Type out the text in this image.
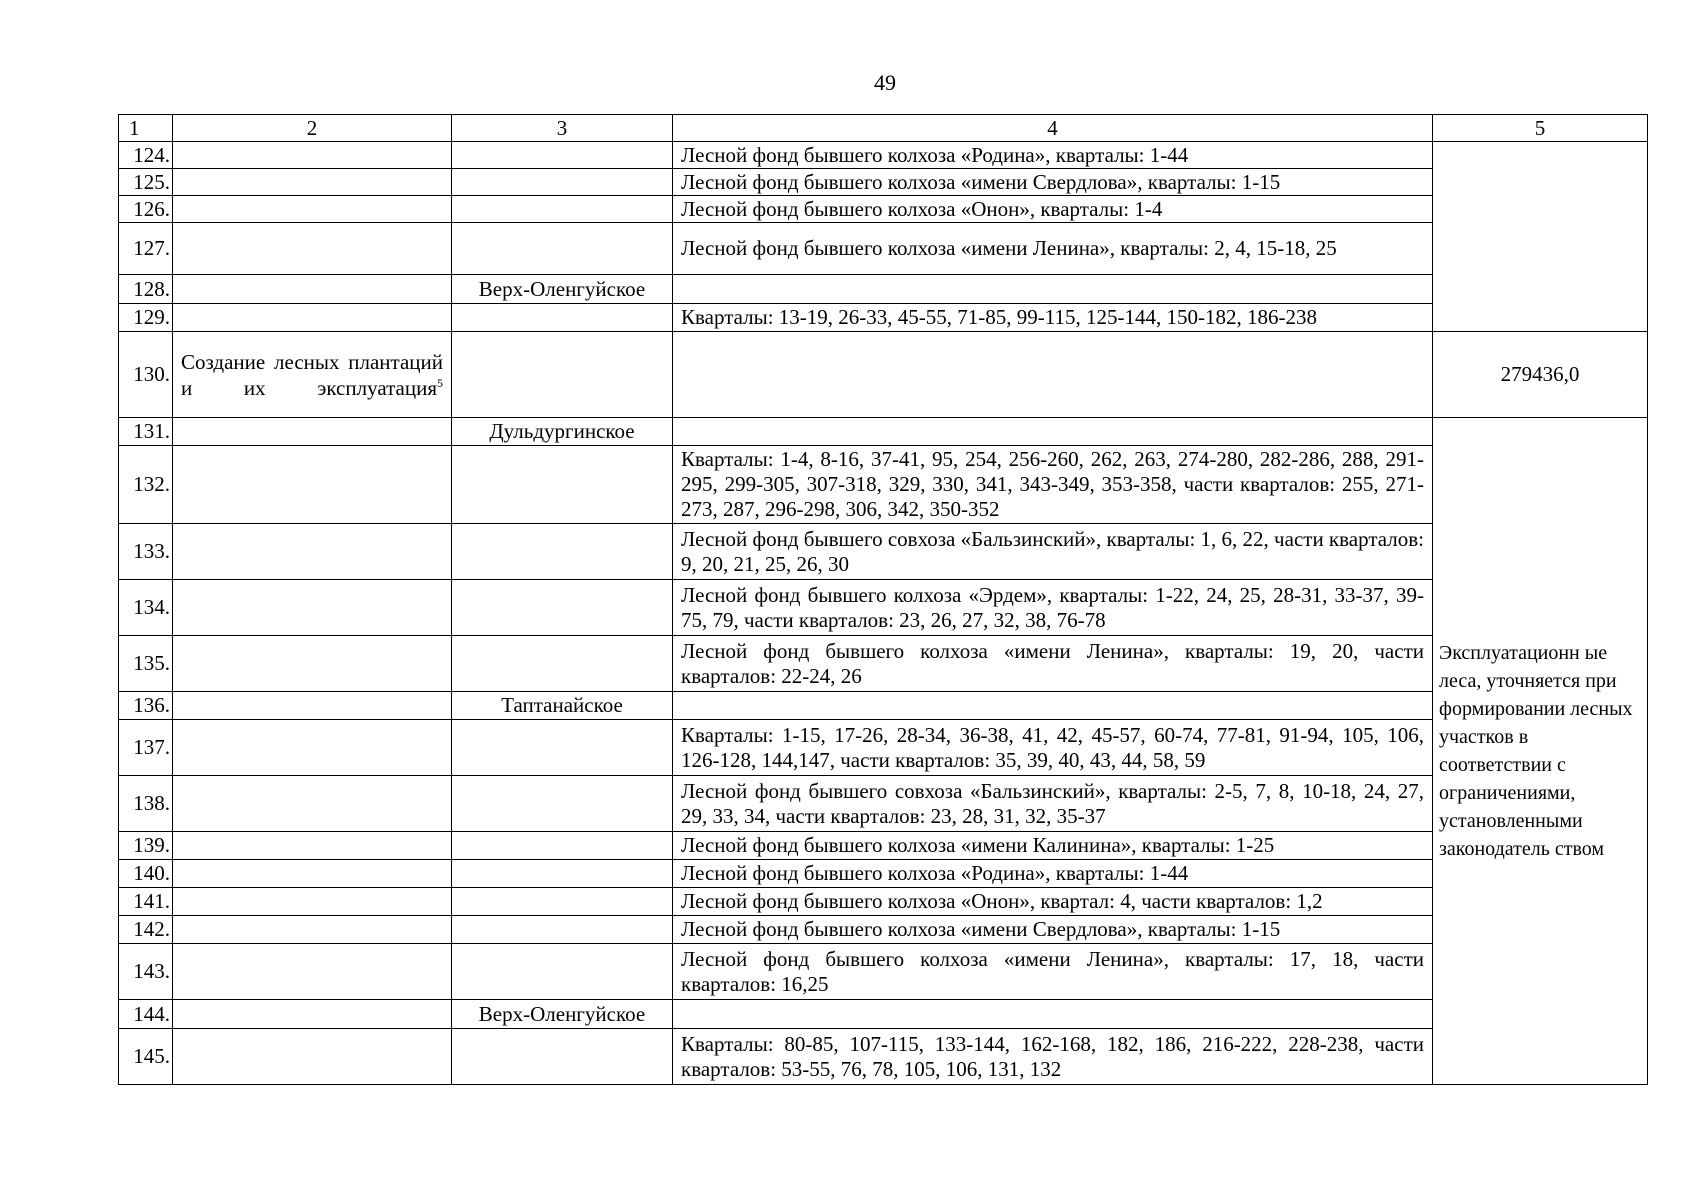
49
1	2	3	4	5
124.			Лесной фонд бывшего колхоза «Родина», кварталы: 1-44	
125.			Лесной фонд бывшего колхоза «имени Свердлова», кварталы: 1-15	
126.			Лесной фонд бывшего колхоза «Онон», кварталы: 1-4	
127.			Лесной фонд бывшего колхоза «имени Ленина», кварталы: 2, 4, 15-18, 25	
128.		Верх-Оленгуйское		
129.			Кварталы: 13-19, 26-33, 45-55, 71-85, 99-115, 125-144, 150-182, 186-238	
130.	Создание лесных плантаций и их эксплуатация$^5$			279436,0
131.		Дульдургинское		Эксплуатационн ые леса, уточняется при формировании лесных участков в соответствии с ограничениями, установленными законодатель ством
132.			Кварталы: 1-4, 8-16, 37-41, 95, 254, 256-260, 262, 263, 274-280, 282-286, 288, 291-295, 299-305, 307-318, 329, 330, 341, 343-349, 353-358, части кварталов: 255, 271-273, 287, 296-298, 306, 342, 350-352	
133.			Лесной фонд бывшего совхоза «Бальзинский», кварталы: 1, 6, 22, части кварталов: 9, 20, 21, 25, 26, 30	
134.			Лесной фонд бывшего колхоза «Эрдем», кварталы: 1-22, 24, 25, 28-31, 33-37, 39-75, 79, части кварталов: 23, 26, 27, 32, 38, 76-78	
135.			Лесной фонд бывшего колхоза «имени Ленина», кварталы: 19, 20, части кварталов: 22-24, 26	
136.		Таптанайское		
137.			Кварталы: 1-15, 17-26, 28-34, 36-38, 41, 42, 45-57, 60-74, 77-81, 91-94, 105, 106, 126-128, 144,147, части кварталов: 35, 39, 40, 43, 44, 58, 59	
138.			Лесной фонд бывшего совхоза «Бальзинский», кварталы: 2-5, 7, 8, 10-18, 24, 27, 29, 33, 34, части кварталов: 23, 28, 31, 32, 35-37	
139.			Лесной фонд бывшего колхоза «имени Калинина», кварталы: 1-25	
140.			Лесной фонд бывшего колхоза «Родина», кварталы: 1-44	
141.			Лесной фонд бывшего колхоза «Онон», квартал: 4, части кварталов: 1,2	
142.			Лесной фонд бывшего колхоза «имени Свердлова», кварталы: 1-15	
143.			Лесной фонд бывшего колхоза «имени Ленина», кварталы: 17, 18, части кварталов: 16,25	
144.		Верх-Оленгуйское		
145.			Кварталы: 80-85, 107-115, 133-144, 162-168, 182, 186, 216-222, 228-238, части кварталов: 53-55, 76, 78, 105, 106, 131, 132	
